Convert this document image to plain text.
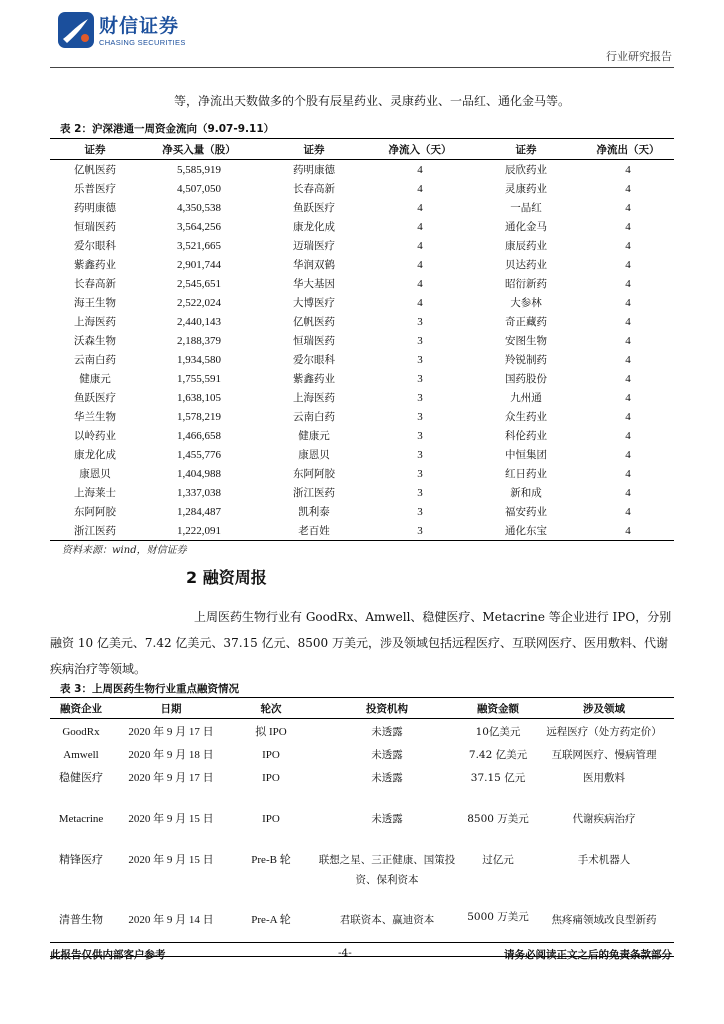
财信证券
CHASING SECURITIES
行业研究报告
等，净流出天数做多的个股有辰星药业、灵康药业、一品红、通化金马等。
表 2：沪深港通一周资金流向（9.07-9.11）
证券	净买入量（股）	证券	净流入（天）	证券	净流出（天）
亿帆医药	5,585,919	药明康德	4	辰欣药业	4
乐普医疗	4,507,050	长春高新	4	灵康药业	4
药明康德	4,350,538	鱼跃医疗	4	一品红	4
恒瑞医药	3,564,256	康龙化成	4	通化金马	4
爱尔眼科	3,521,665	迈瑞医疗	4	康辰药业	4
紫鑫药业	2,901,744	华润双鹤	4	贝达药业	4
长春高新	2,545,651	华大基因	4	昭衍新药	4
海王生物	2,522,024	大博医疗	4	大参林	4
上海医药	2,440,143	亿帆医药	3	奇正藏药	4
沃森生物	2,188,379	恒瑞医药	3	安图生物	4
云南白药	1,934,580	爱尔眼科	3	羚锐制药	4
健康元	1,755,591	紫鑫药业	3	国药股份	4
鱼跃医疗	1,638,105	上海医药	3	九州通	4
华兰生物	1,578,219	云南白药	3	众生药业	4
以岭药业	1,466,658	健康元	3	科伦药业	4
康龙化成	1,455,776	康恩贝	3	中恒集团	4
康恩贝	1,404,988	东阿阿胶	3	红日药业	4
上海莱士	1,337,038	浙江医药	3	新和成	4
东阿阿胶	1,284,487	凯利泰	3	福安药业	4
浙江医药	1,222,091	老百姓	3	通化东宝	4
资料来源：wind，财信证券
2 融资周报
上周医药生物行业有 GoodRx、Amwell、稳健医疗、Metacrine 等企业进行 IPO，分别融资 10 亿美元、7.42 亿美元、37.15 亿元、8500 万美元，涉及领域包括远程医疗、互联网医疗、医用敷料、代谢疾病治疗等领域。
表 3：上周医药生物行业重点融资情况
融资企业	日期	轮次	投资机构	融资金额	涉及领域
GoodRx	2020 年 9 月 17 日	拟 IPO	未透露	10亿美元	远程医疗（处方药定价）
Amwell	2020 年 9 月 18 日	IPO	未透露	7.42 亿美元	互联网医疗、慢病管理
稳健医疗	2020 年 9 月 17 日	IPO	未透露	37.15 亿元	医用敷料
Metacrine	2020 年 9 月 15 日	IPO	未透露	8500 万美元	代谢疾病治疗
精锋医疗	2020 年 9 月 15 日	Pre-B 轮	联想之星、三正健康、国策投资、保利资本	过亿元	手术机器人
清普生物	2020 年 9 月 14 日	Pre-A 轮	君联资本、赢迪资本	5000 万美元	焦疼痛领域改良型新药
此报告仅供内部客户参考	-4-	请务必阅读正文之后的免责条款部分
